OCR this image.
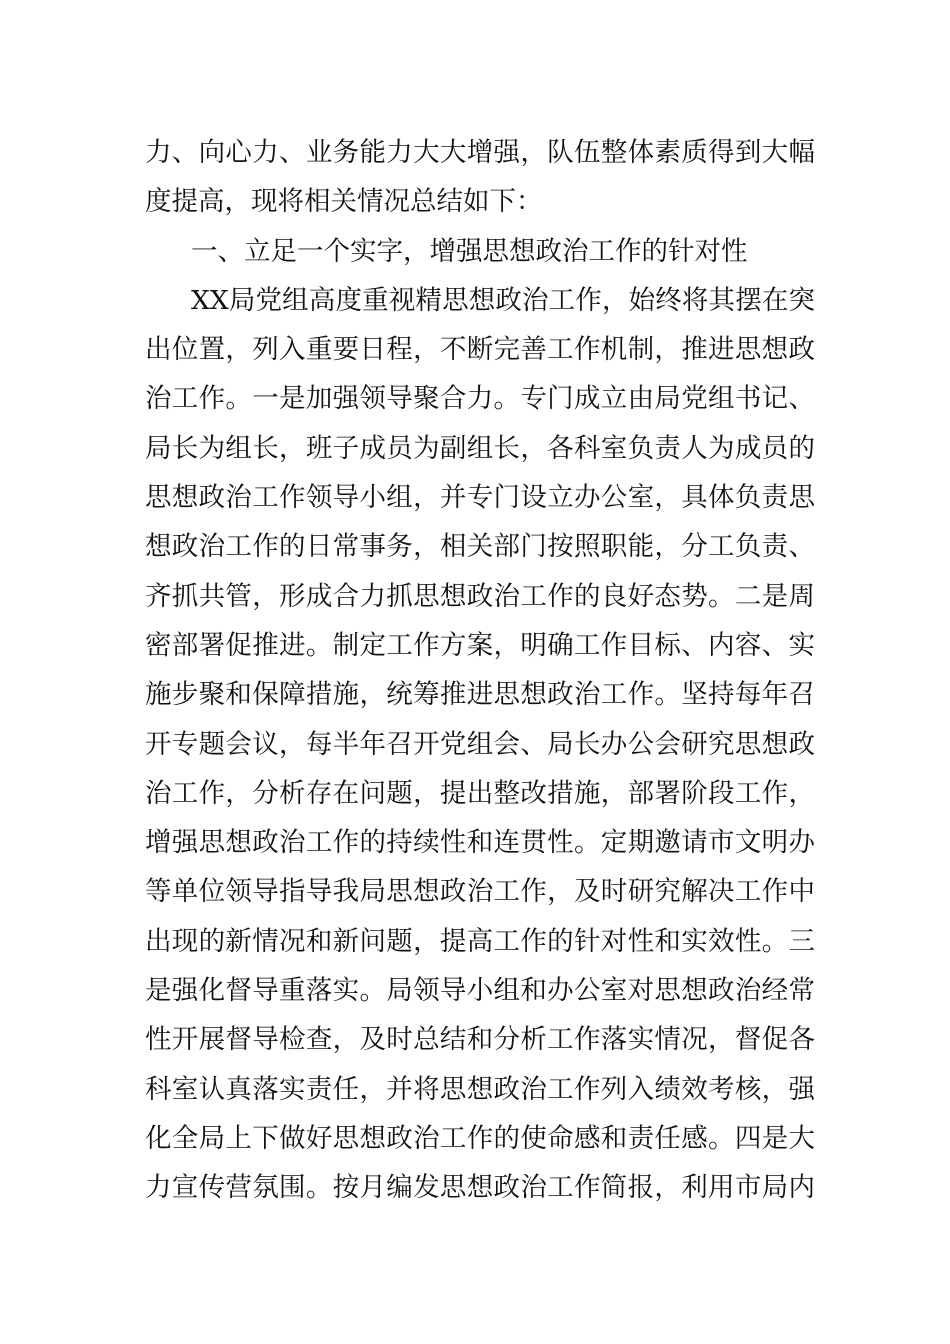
力、向心力、业务能力大大增强，队伍整体素质得到大幅
度提高，现将相关情况总结如下：
一、立足一个实字，增强思想政治工作的针对性
XX局党组高度重视精思想政治工作，始终将其摆在突
出位置，列入重要日程，不断完善工作机制，推进思想政
治工作。一是加强领导聚合力。专门成立由局党组书记、
局长为组长，班子成员为副组长，各科室负责人为成员的
思想政治工作领导小组，并专门设立办公室，具体负责思
想政治工作的日常事务，相关部门按照职能，分工负责、
齐抓共管，形成合力抓思想政治工作的良好态势。二是周
密部署促推进。制定工作方案，明确工作目标、内容、实
施步聚和保障措施，统筹推进思想政治工作。坚持每年召
开专题会议，每半年召开党组会、局长办公会研究思想政
治工作，分析存在问题，提出整改措施，部署阶段工作，
增强思想政治工作的持续性和连贯性。定期邀请市文明办
等单位领导指导我局思想政治工作，及时研究解决工作中
出现的新情况和新问题，提高工作的针对性和实效性。三
是强化督导重落实。局领导小组和办公室对思想政治经常
性开展督导检查，及时总结和分析工作落实情况，督促各
科室认真落实责任，并将思想政治工作列入绩效考核，强
化全局上下做好思想政治工作的使命感和责任感。四是大
力宣传营氛围。按月编发思想政治工作简报，利用市局内
